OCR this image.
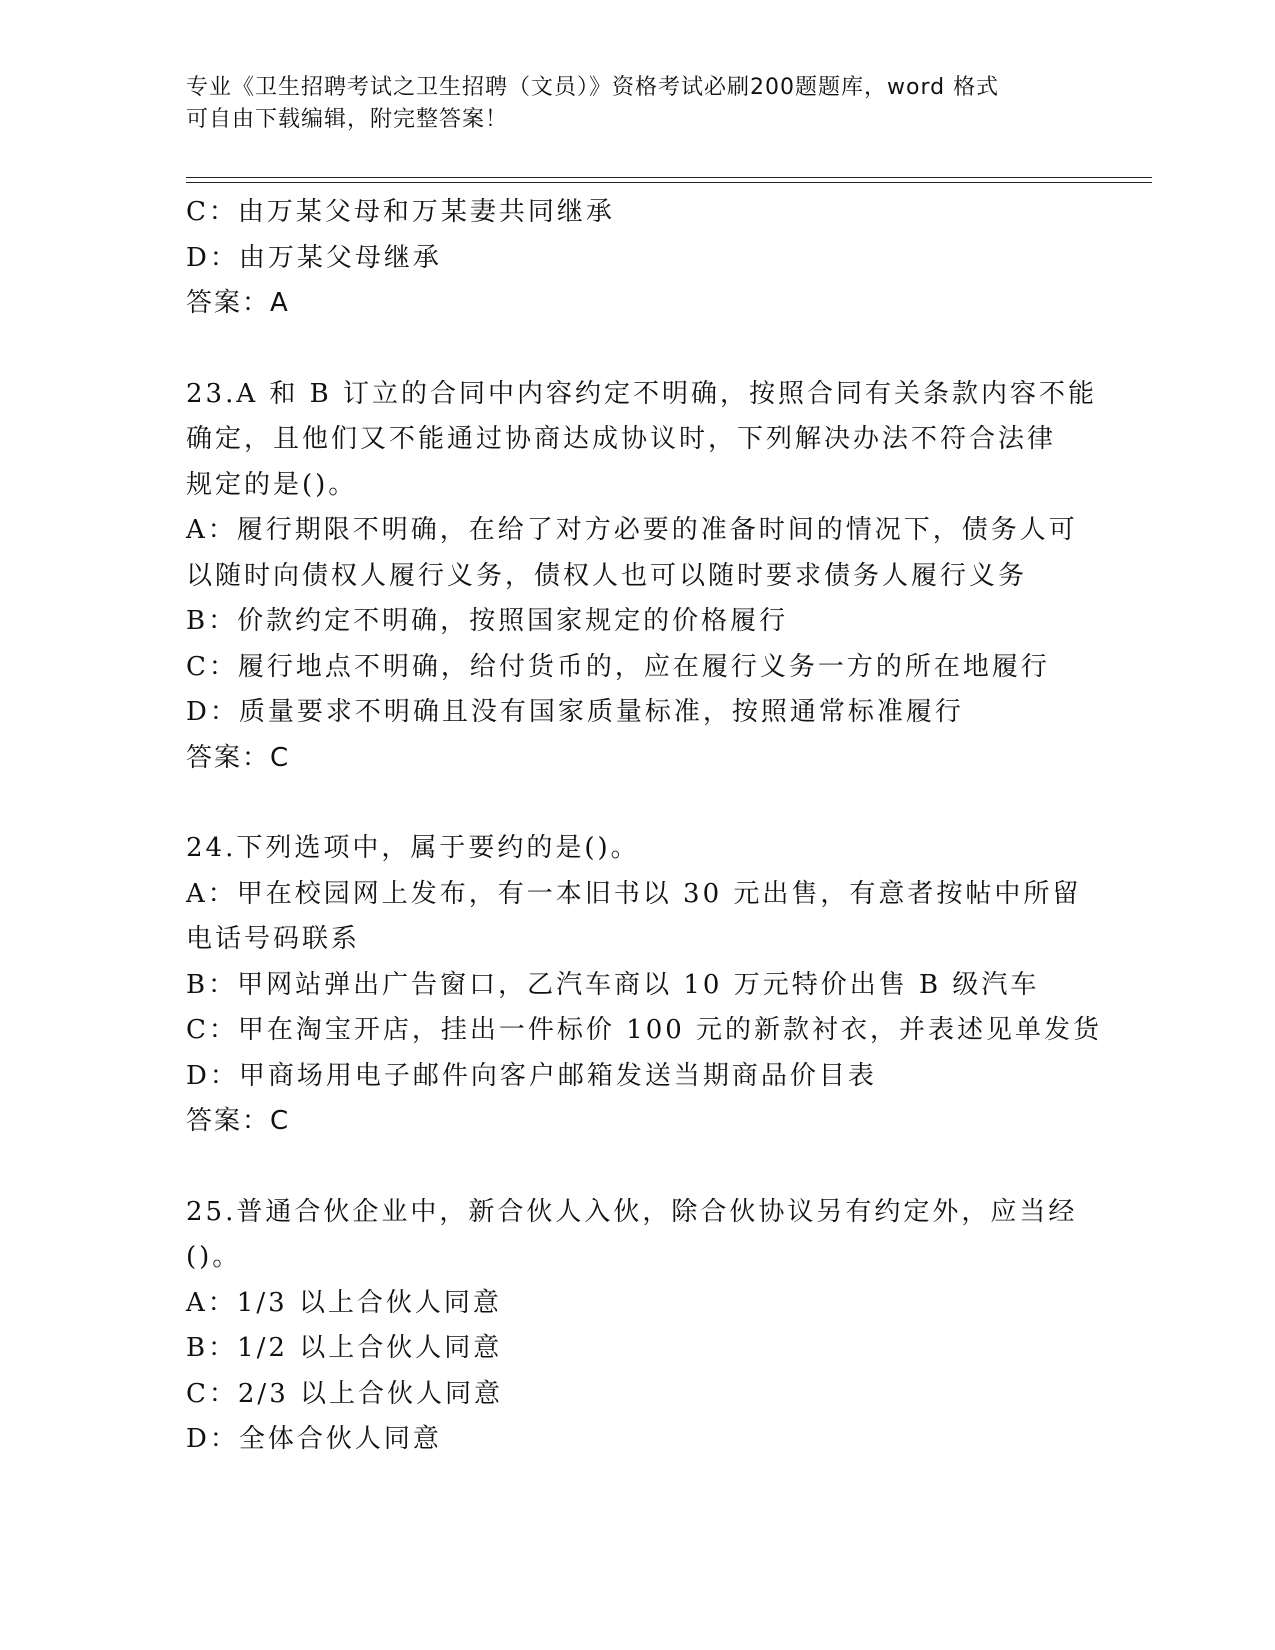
专业《卫生招聘考试之卫生招聘（文员）》资格考试必刷200题题库，word 格式
可自由下载编辑，附完整答案！
C：由万某父母和万某妻共同继承
D：由万某父母继承
答案：A
23.A 和 B 订立的合同中内容约定不明确，按照合同有关条款内容不能
确定，且他们又不能通过协商达成协议时，下列解决办法不符合法律
规定的是()。
A：履行期限不明确，在给了对方必要的准备时间的情况下，债务人可
以随时向债权人履行义务，债权人也可以随时要求债务人履行义务
B：价款约定不明确，按照国家规定的价格履行
C：履行地点不明确，给付货币的，应在履行义务一方的所在地履行
D：质量要求不明确且没有国家质量标准，按照通常标准履行
答案：C
24.下列选项中，属于要约的是()。
A：甲在校园网上发布，有一本旧书以 30 元出售，有意者按帖中所留
电话号码联系
B：甲网站弹出广告窗口，乙汽车商以 10 万元特价出售 B 级汽车
C：甲在淘宝开店，挂出一件标价 100 元的新款衬衣，并表述见单发货
D：甲商场用电子邮件向客户邮箱发送当期商品价目表
答案：C
25.普通合伙企业中，新合伙人入伙，除合伙协议另有约定外，应当经
()。
A：1/3 以上合伙人同意
B：1/2 以上合伙人同意
C：2/3 以上合伙人同意
D：全体合伙人同意
